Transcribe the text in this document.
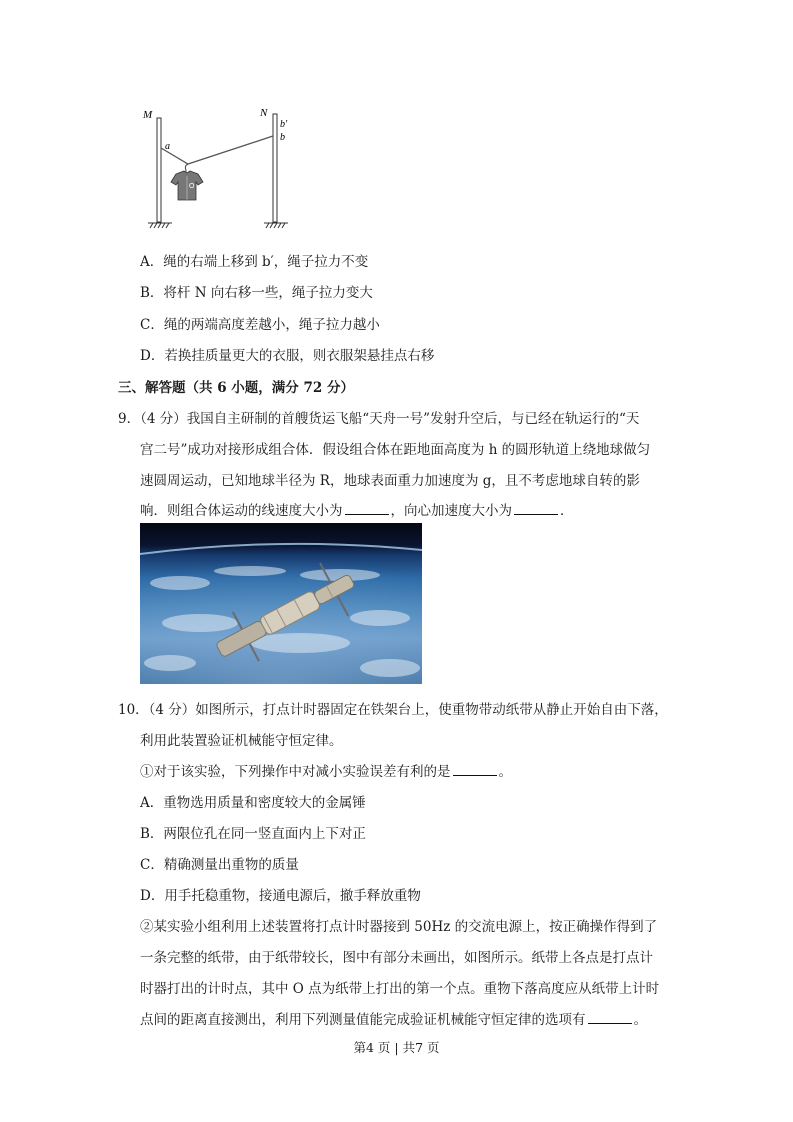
M	N
a
b′
b
O
A．绳的右端上移到 b′，绳子拉力不变
B．将杆 N 向右移一些，绳子拉力变大
C．绳的两端高度差越小，绳子拉力越小
D．若换挂质量更大的衣服，则衣服架悬挂点右移
三、解答题（共 6 小题，满分 72 分）
9．（4 分）我国自主研制的首艘货运飞船“天舟一号”发射升空后，与已经在轨运行的“天
宫二号”成功对接形成组合体．假设组合体在距地面高度为 h 的圆形轨道上绕地球做匀
速圆周运动，已知地球半径为 R，地球表面重力加速度为 g，且不考虑地球自转的影
响．则组合体运动的线速度大小为	，向心加速度大小为	．
10．（4 分）如图所示，打点计时器固定在铁架台上，使重物带动纸带从静止开始自由下落，
利用此装置验证机械能守恒定律。
①对于该实验，下列操作中对减小实验误差有利的是	。
A．重物选用质量和密度较大的金属锤
B．两限位孔在同一竖直面内上下对正
C．精确测量出重物的质量
D．用手托稳重物，接通电源后，撤手释放重物
②某实验小组利用上述装置将打点计时器接到 50Hz 的交流电源上，按正确操作得到了
一条完整的纸带，由于纸带较长，图中有部分未画出，如图所示。纸带上各点是打点计
时器打出的计时点，其中 O 点为纸带上打出的第一个点。重物下落高度应从纸带上计时
点间的距离直接测出，利用下列测量值能完成验证机械能守恒定律的选项有	。
第4 页 | 共7 页
